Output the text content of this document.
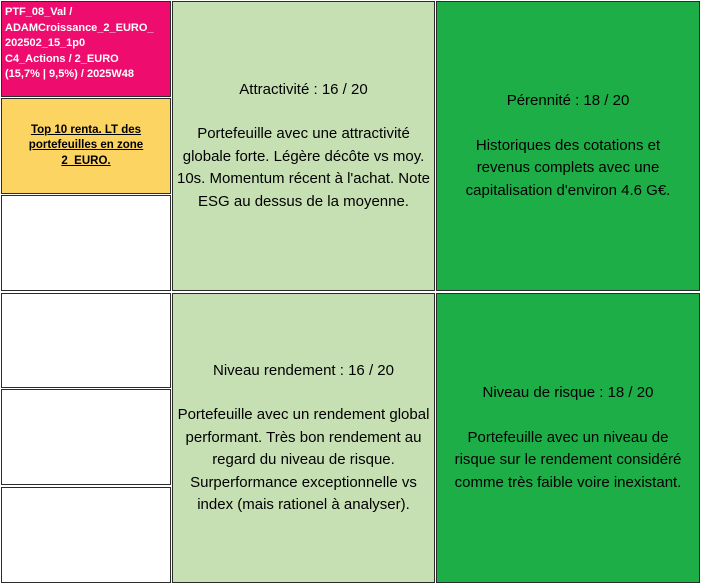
PTF_08_Val /
ADAMCroissance_2_EURO_
202502_15_1p0
C4_Actions / 2_EURO
(15,7% | 9,5%) / 2025W48
Top 10 renta. LT des portefeuilles en zone 2_EURO.
Attractivité : 16 / 20
Portefeuille avec une attractivité globale forte. Légère décôte vs moy. 10s. Momentum récent à l'achat. Note ESG au dessus de la moyenne.
Pérennité : 18 / 20
Historiques des cotations et revenus complets avec une capitalisation d'environ 4.6 G€.
Niveau rendement : 16 / 20
Portefeuille avec un rendement global performant. Très bon rendement au regard du niveau de risque. Surperformance exceptionnelle vs index (mais rationel à analyser).
Niveau de risque : 18 / 20
Portefeuille avec un niveau de risque sur le rendement considéré comme très faible voire inexistant.
